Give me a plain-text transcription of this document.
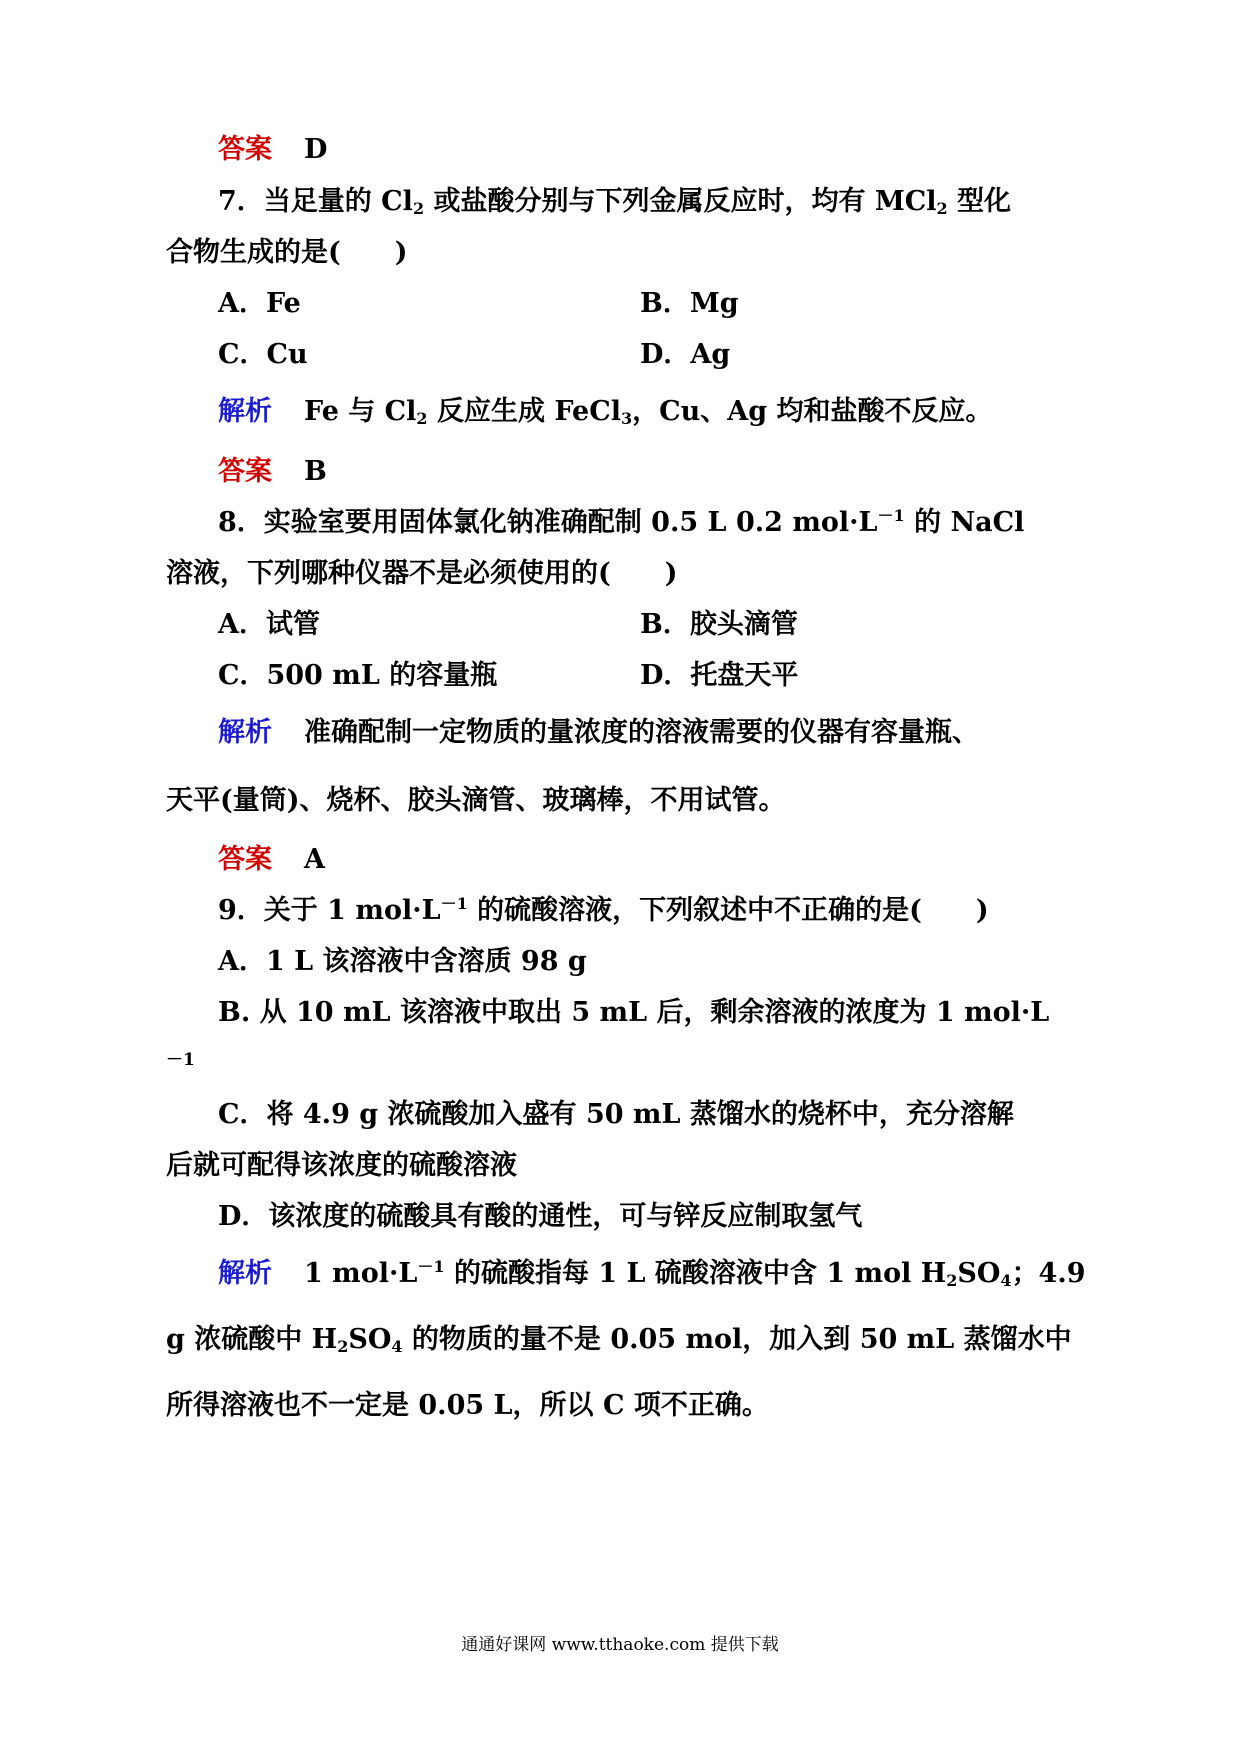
答案 D
7．当足量的 $Cl_2$ 或盐酸分别与下列金属反应时，均有 MCl$_2$ 型化
合物生成的是(　　)
A．Fe	B．Mg
C．Cu	D．Ag
解析 Fe 与 $Cl_2$ 反应生成 FeCl$_3$，Cu、Ag 均和盐酸不反应。
答案 B
8．实验室要用固体氯化钠准确配制 0.5 L 0.2 $mol\cdot L^{-1}$ 的 NaCl
溶液，下列哪种仪器不是必须使用的(　　)
A．试管	B．胶头滴管
C．500 mL 的容量瓶	D．托盘天平
解析 准确配制一定物质的量浓度的溶液需要的仪器有容量瓶、
天平(量筒)、烧杯、胶头滴管、玻璃棒，不用试管。
答案 A
9．关于 1 $mol\cdot L^{-1}$ 的硫酸溶液，下列叙述中不正确的是(　　)
A．1 L 该溶液中含溶质 98 g
B. 从 10 mL 该溶液中取出 5 mL 后，剩余溶液的浓度为 1 mol·L
－1
C．将 4.9 g 浓硫酸加入盛有 50 mL 蒸馏水的烧杯中，充分溶解
后就可配得该浓度的硫酸溶液
D．该浓度的硫酸具有酸的通性，可与锌反应制取氢气
解析 1 $mol\cdot L^{-1}$ 的硫酸指每 1 L 硫酸溶液中含 1 mol $H_2SO_4$；4.9
g 浓硫酸中 $H_2SO_4$ 的物质的量不是 0.05 mol，加入到 50 mL 蒸馏水中
所得溶液也不一定是 0.05 L，所以 C 项不正确。
通通好课网 www.tthaoke.com 提供下载
